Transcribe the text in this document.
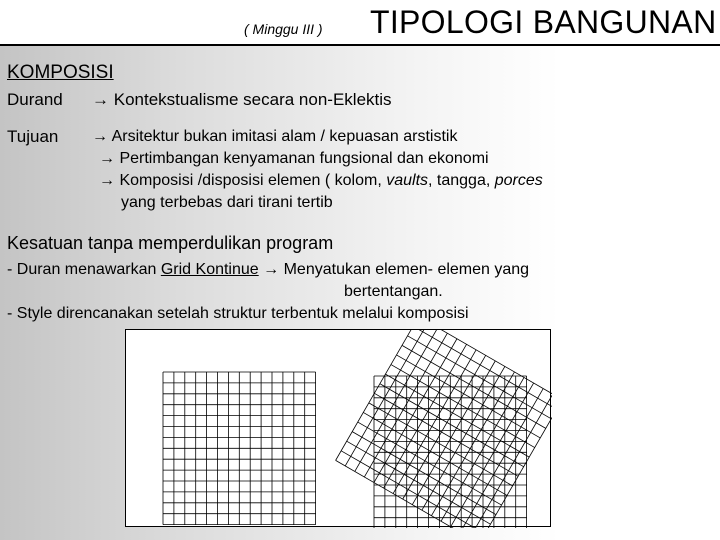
( Minggu III ) TIPOLOGI BANGUNAN
KOMPOSISI
Durand → Kontekstualisme secara non-Eklektis
Tujuan → Arsitektur bukan imitasi alam / kepuasan arstistik
→ Pertimbangan kenyamanan fungsional dan ekonomi
→ Komposisi /disposisi elemen ( kolom, vaults, tangga, porces
yang terbebas dari tirani tertib
Kesatuan tanpa memperdulikan program
- Duran menawarkan Grid Kontinue → Menyatukan elemen- elemen yang
bertentangan.
- Style direncanakan setelah struktur terbentuk melalui komposisi
